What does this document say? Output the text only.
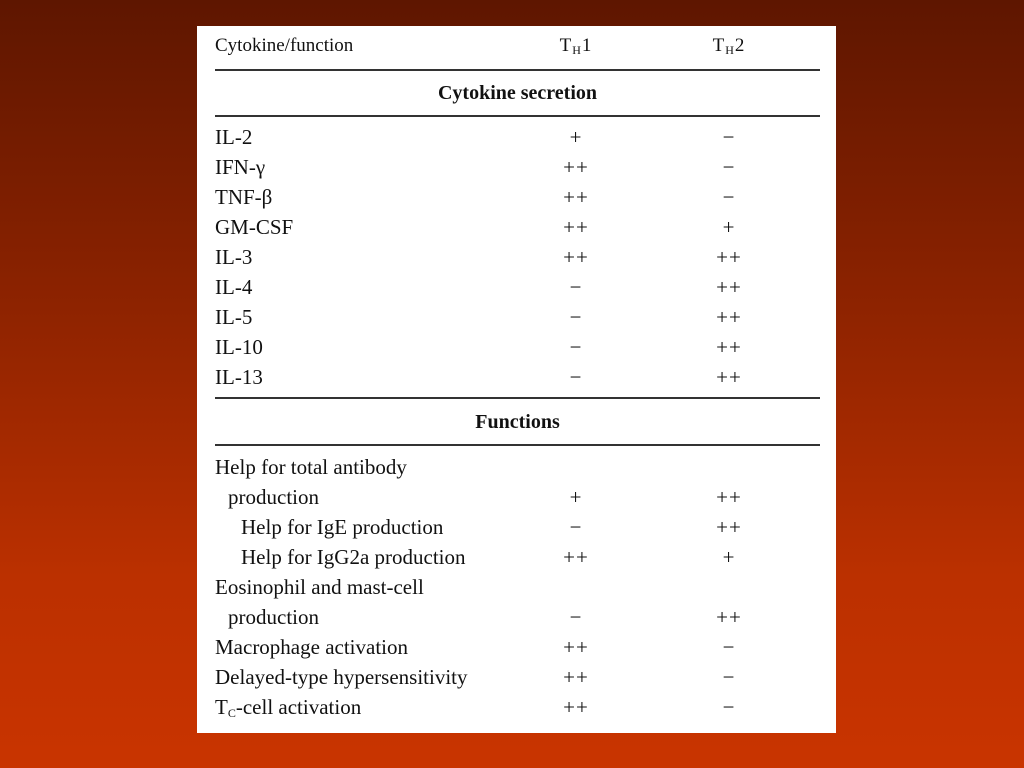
Cytokine/function	$T_H1$	$T_H2$
Cytokine secretion
IL-2	+	−
IFN-γ	++	−
TNF-β	++	−
GM-CSF	++	+
IL-3	++	++
IL-4	−	++
IL-5	−	++
IL-10	−	++
IL-13	−	++
Functions
Help for total antibody
production	+	++
Help for IgE production	−	++
Help for IgG2a production	++	+
Eosinophil and mast-cell
production	−	++
Macrophage activation	++	−
Delayed-type hypersensitivity	++	−
$T_C$-cell activation	++	−
